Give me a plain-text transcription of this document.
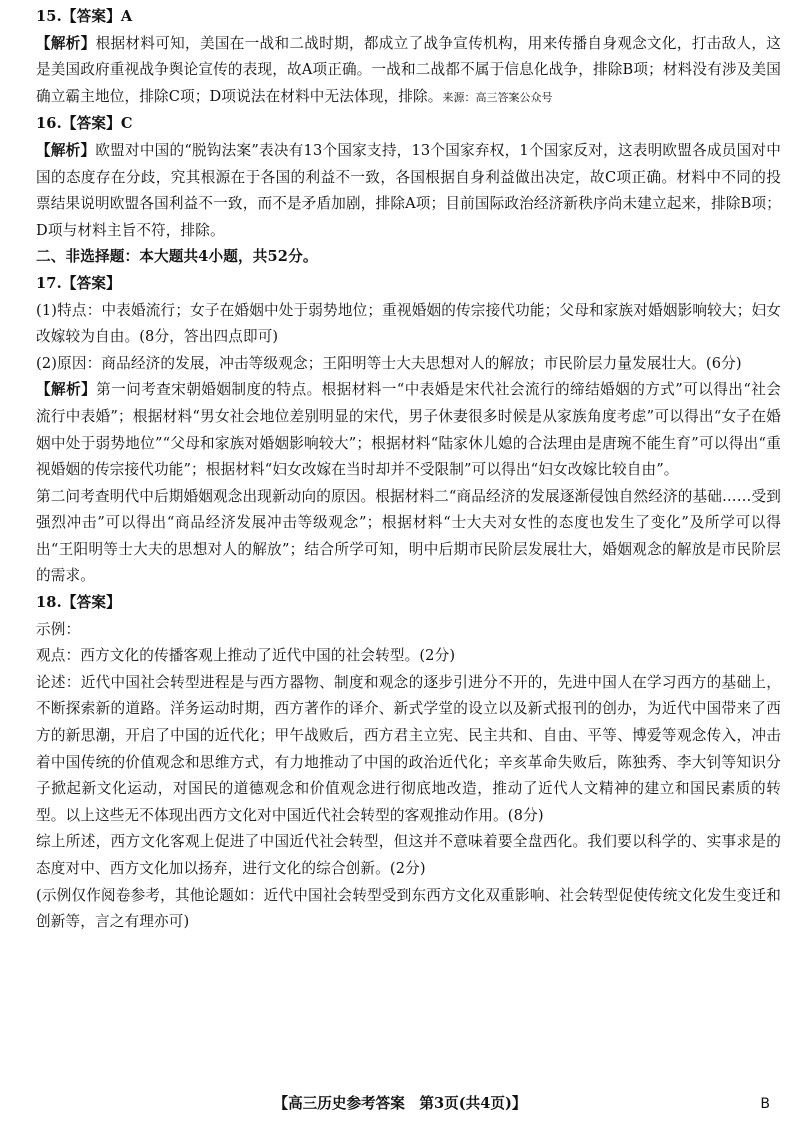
15.【答案】A
【解析】根据材料可知，美国在一战和二战时期，都成立了战争宣传机构，用来传播自身观念文化，打击敌人，这是美国政府重视战争舆论宣传的表现，故A项正确。一战和二战都不属于信息化战争，排除B项；材料没有涉及美国确立霸主地位，排除C项；D项说法在材料中无法体现，排除。来源：高三答案公众号
16.【答案】C
【解析】欧盟对中国的“脱钩法案”表决有13个国家支持，13个国家弃权，1个国家反对，这表明欧盟各成员国对中国的态度存在分歧，究其根源在于各国的利益不一致，各国根据自身利益做出决定，故C项正确。材料中不同的投票结果说明欧盟各国利益不一致，而不是矛盾加剧，排除A项；目前国际政治经济新秩序尚未建立起来，排除B项；D项与材料主旨不符，排除。
二、非选择题：本大题共4小题，共52分。
17.【答案】
(1)特点：中表婚流行；女子在婚姻中处于弱势地位；重视婚姻的传宗接代功能；父母和家族对婚姻影响较大；妇女改嫁较为自由。(8分，答出四点即可)
(2)原因：商品经济的发展，冲击等级观念；王阳明等士大夫思想对人的解放；市民阶层力量发展壮大。(6分)
【解析】第一问考查宋朝婚姻制度的特点。根据材料一“中表婚是宋代社会流行的缔结婚姻的方式”可以得出“社会流行中表婚”；根据材料“男女社会地位差别明显的宋代，男子休妻很多时候是从家族角度考虑”可以得出“女子在婚姻中处于弱势地位”“父母和家族对婚姻影响较大”；根据材料“陆家休儿媳的合法理由是唐琬不能生育”可以得出“重视婚姻的传宗接代功能”；根据材料“妇女改嫁在当时却并不受限制”可以得出“妇女改嫁比较自由”。
第二问考查明代中后期婚姻观念出现新动向的原因。根据材料二“商品经济的发展逐渐侵蚀自然经济的基础……受到强烈冲击”可以得出“商品经济发展冲击等级观念”；根据材料“士大夫对女性的态度也发生了变化”及所学可以得出“王阳明等士大夫的思想对人的解放”；结合所学可知，明中后期市民阶层发展壮大，婚姻观念的解放是市民阶层的需求。
18.【答案】
示例：
观点：西方文化的传播客观上推动了近代中国的社会转型。(2分)
论述：近代中国社会转型进程是与西方器物、制度和观念的逐步引进分不开的，先进中国人在学习西方的基础上，不断探索新的道路。洋务运动时期，西方著作的译介、新式学堂的设立以及新式报刊的创办，为近代中国带来了西方的新思潮，开启了中国的近代化；甲午战败后，西方君主立宪、民主共和、自由、平等、博爱等观念传入，冲击着中国传统的价值观念和思维方式，有力地推动了中国的政治近代化；辛亥革命失败后，陈独秀、李大钊等知识分子掀起新文化运动，对国民的道德观念和价值观念进行彻底地改造，推动了近代人文精神的建立和国民素质的转型。以上这些无不体现出西方文化对中国近代社会转型的客观推动作用。(8分)
综上所述，西方文化客观上促进了中国近代社会转型，但这并不意味着要全盘西化。我们要以科学的、实事求是的态度对中、西方文化加以扬弃，进行文化的综合创新。(2分)
(示例仅作阅卷参考，其他论题如：近代中国社会转型受到东西方文化双重影响、社会转型促使传统文化发生变迁和创新等，言之有理亦可)
【高三历史参考答案　第3页(共4页)】	B
